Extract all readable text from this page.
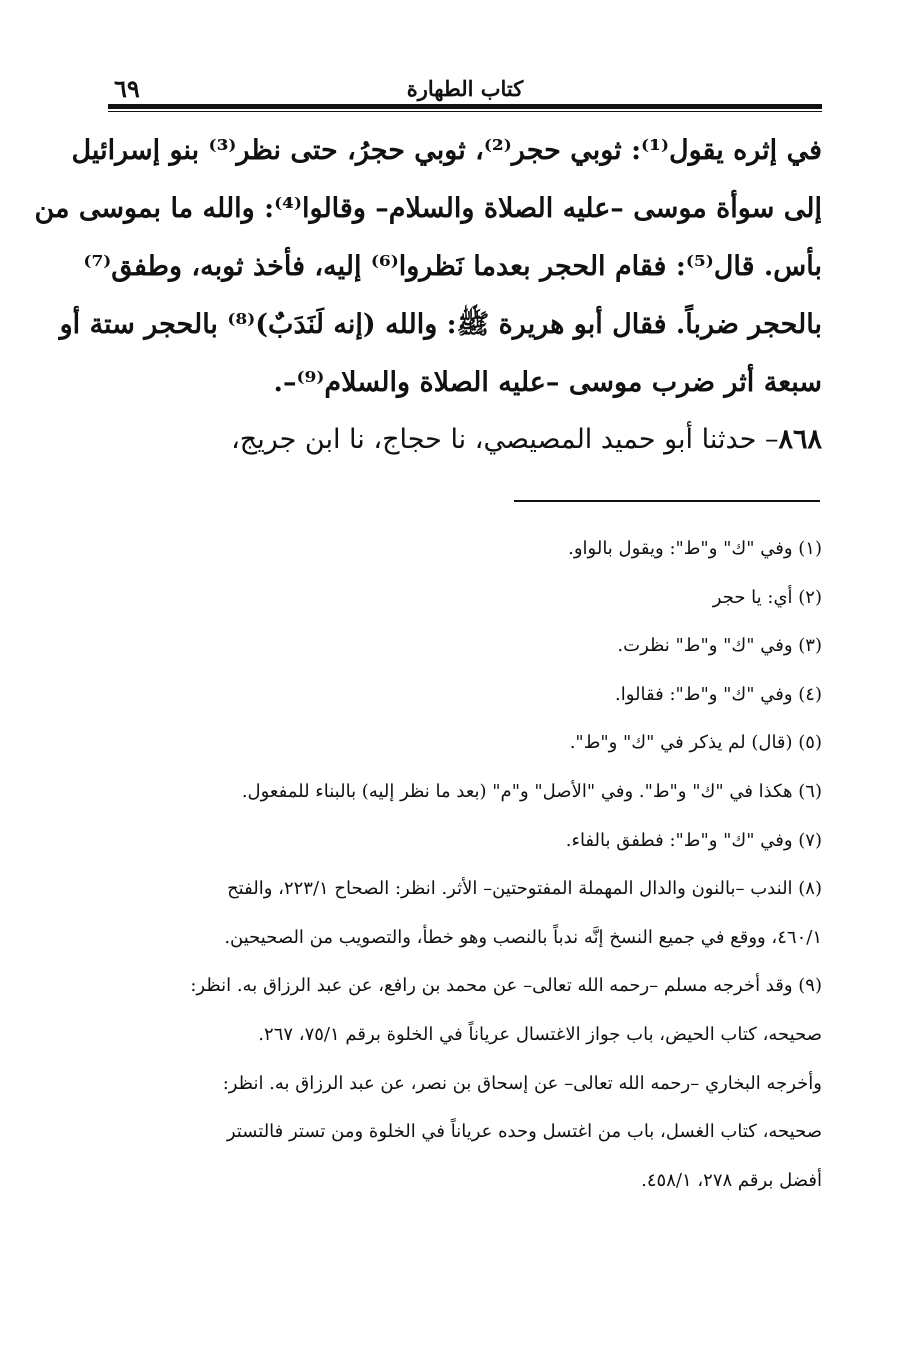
٦٩	كتاب الطهارة
في إثره يقول⁽¹⁾: ثوبي حجر⁽²⁾، ثوبي حجرُ، حتى نظر⁽³⁾ بنو إسرائيل
إلى سوأة موسى –عليه الصلاة والسلام– وقالوا⁽⁴⁾: والله ما بموسى من
بأس. قال⁽⁵⁾: فقام الحجر بعدما نَظروا⁽⁶⁾ إليه، فأخذ ثوبه، وطفق⁽⁷⁾
بالحجر ضرباً. فقال أبو هريرة ﷺ: والله (إنه لَنَدَبٌ)⁽⁸⁾ بالحجر ستة أو
سبعة أثر ضرب موسى –عليه الصلاة والسلام⁽⁹⁾–.
٨٦٨– حدثنا أبو حميد المصيصي، نا حجاج، نا ابن جريج،
(١) وفي "ك" و"ط": ويقول بالواو.
(٢) أي: يا حجر
(٣) وفي "ك" و"ط" نظرت.
(٤) وفي "ك" و"ط": فقالوا.
(٥) (قال) لم يذكر في "ك" و"ط".
(٦) هكذا في "ك" و"ط". وفي "الأصل" و"م" (بعد ما نظر إليه) بالبناء للمفعول.
(٧) وفي "ك" و"ط": فطفق بالفاء.
(٨) الندب –بالنون والدال المهملة المفتوحتين– الأثر. انظر: الصحاح ٢٢٣/١، والفتح
٤٦٠/١، ووقع في جميع النسخ إنَّه ندباً بالنصب وهو خطأ، والتصويب من الصحيحين.
(٩) وقد أخرجه مسلم –رحمه الله تعالى– عن محمد بن رافع، عن عبد الرزاق به. انظر:
صحيحه، كتاب الحيض، باب جواز الاغتسال عرياناً في الخلوة برقم ٧٥/١، ٢٦٧.
وأخرجه البخاري –رحمه الله تعالى– عن إسحاق بن نصر، عن عبد الرزاق به. انظر:
صحيحه، كتاب الغسل، باب من اغتسل وحده عرياناً في الخلوة ومن تستر فالتستر
أفضل برقم ٢٧٨، ٤٥٨/١.
